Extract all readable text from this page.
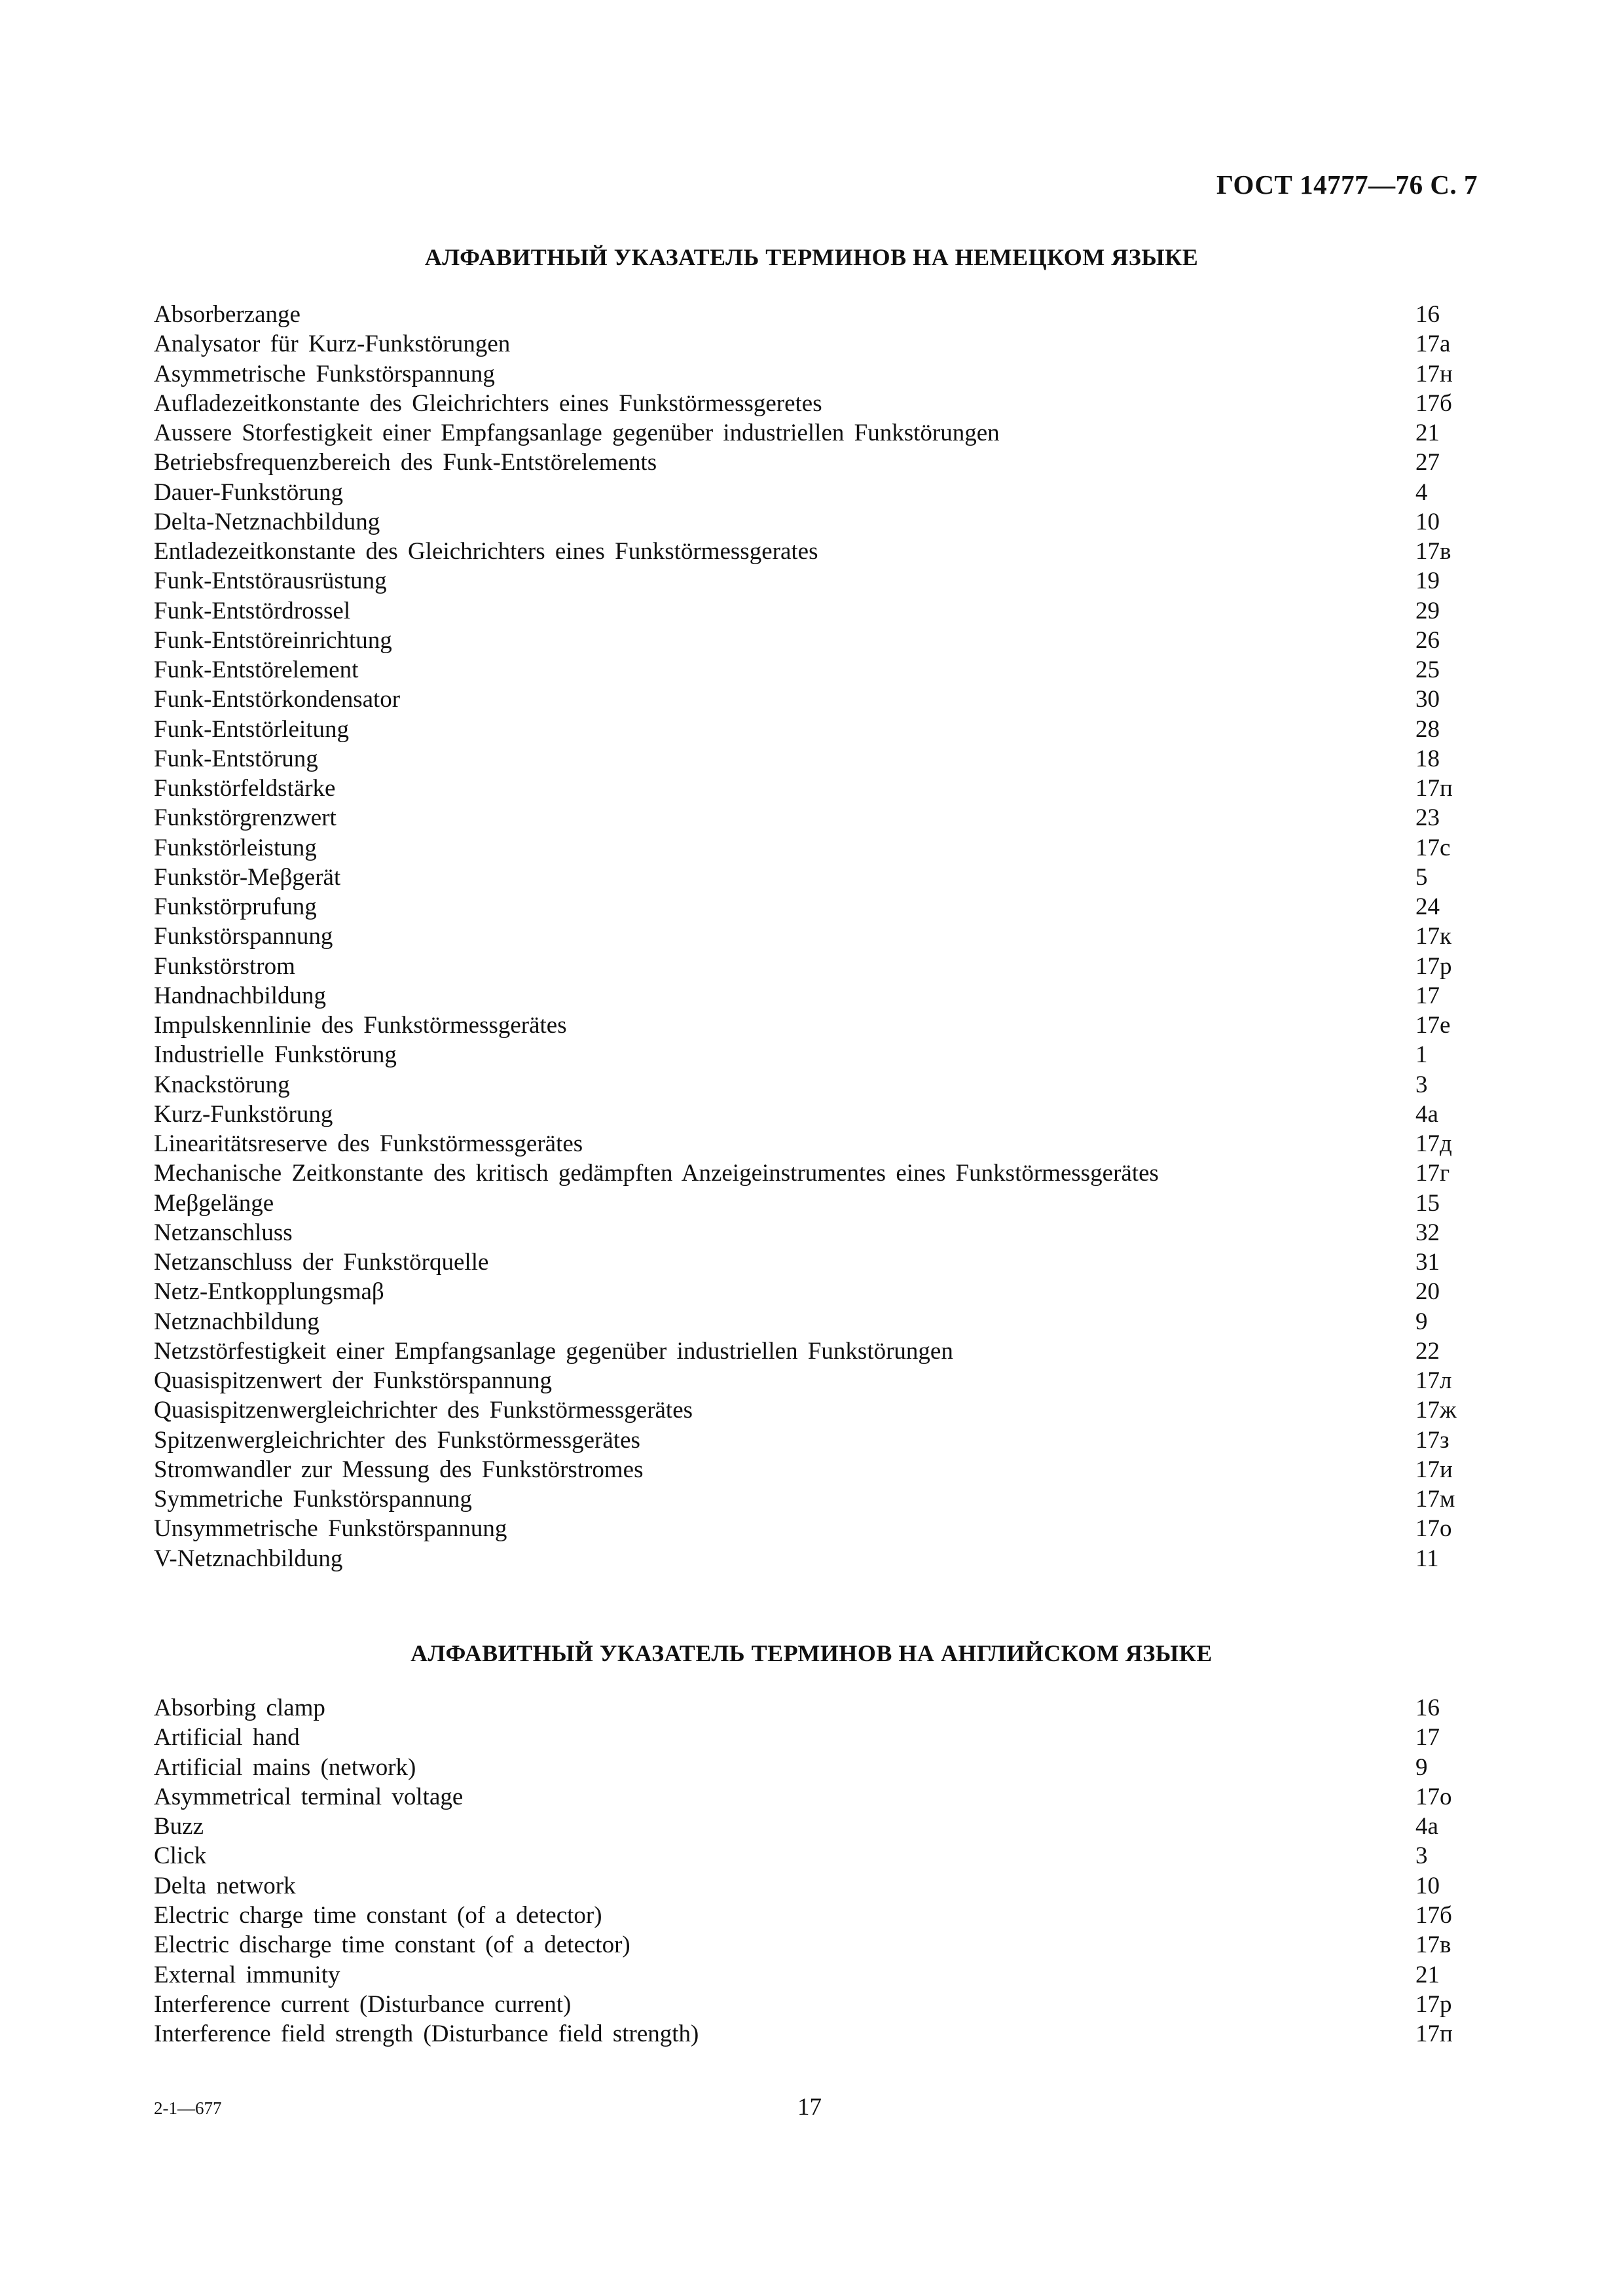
ГОСТ 14777—76 С. 7
АЛФАВИТНЫЙ УКАЗАТЕЛЬ ТЕРМИНОВ НА НЕМЕЦКОМ ЯЗЫКЕ
Absorberzange	16
Analysator für Kurz-Funkstörungen	17а
Asymmetrische Funkstörspannung	17н
Aufladezeitkonstante des Gleichrichters eines Funkstörmessgeretes	17б
Aussere Storfestigkeit einer Empfangsanlage gegenüber industriellen Funkstörungen	21
Betriebsfrequenzbereich des Funk-Entstörelements	27
Dauer-Funkstörung	4
Delta-Netznachbildung	10
Entladezeitkonstante des Gleichrichters eines Funkstörmessgerates	17в
Funk-Entstörausrüstung	19
Funk-Entstördrossel	29
Funk-Entstöreinrichtung	26
Funk-Entstörelement	25
Funk-Entstörkondensator	30
Funk-Entstörleitung	28
Funk-Entstörung	18
Funkstörfeldstärke	17п
Funkstörgrenzwert	23
Funkstörleistung	17с
Funkstör-Meβgerät	5
Funkstörprufung	24
Funkstörspannung	17к
Funkstörstrom	17р
Handnachbildung	17
Impulskennlinie des Funkstörmessgerätes	17е
Industrielle Funkstörung	1
Knackstörung	3
Kurz-Funkstörung	4а
Linearitätsreserve des Funkstörmessgerätes	17д
Mechanische Zeitkonstante des kritisch gedämpften Anzeigeinstrumentes eines Funkstörmessgerätes	17г
Meβgelänge	15
Netzanschluss	32
Netzanschluss der Funkstörquelle	31
Netz-Entkopplungsmaβ	20
Netznachbildung	9
Netzstörfestigkeit einer Empfangsanlage gegenüber industriellen Funkstörungen	22
Quasispitzenwert der Funkstörspannung	17л
Quasispitzenwergleichrichter des Funkstörmessgerätes	17ж
Spitzenwergleichrichter des Funkstörmessgerätes	17з
Stromwandler zur Messung des Funkstörstromes	17и
Symmetriche Funkstörspannung	17м
Unsymmetrische Funkstörspannung	17о
V-Netznachbildung	11
АЛФАВИТНЫЙ УКАЗАТЕЛЬ ТЕРМИНОВ НА АНГЛИЙСКОМ ЯЗЫКЕ
Absorbing clamp	16
Artificial hand	17
Artificial mains (network)	9
Asymmetrical terminal voltage	17о
Buzz	4а
Click	3
Delta network	10
Electric charge time constant (of a detector)	17б
Electric discharge time constant (of a detector)	17в
External immunity	21
Interference current (Disturbance current)	17р
Interference field strength (Disturbance field strength)	17п
2-1—677	17
